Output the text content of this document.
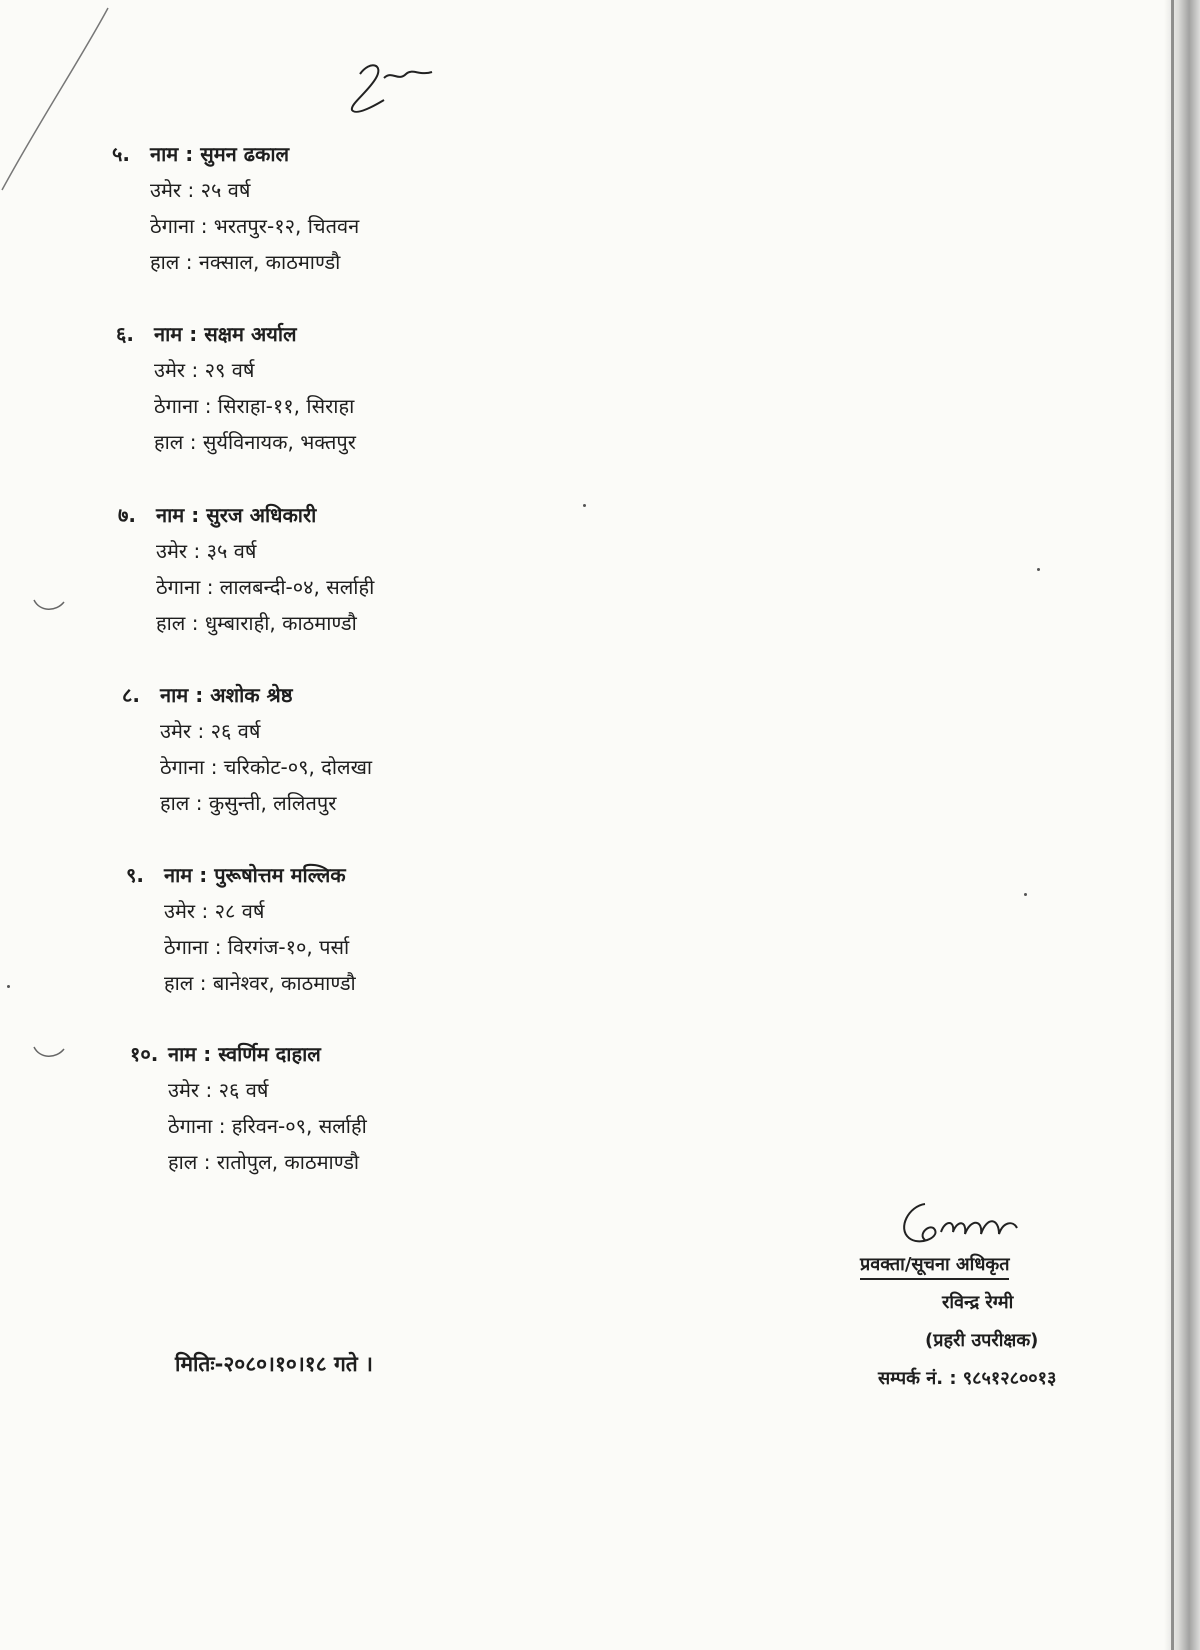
५.	नाम : सुमन ढकाल
उमेर : २५ वर्ष
ठेगाना : भरतपुर-१२, चितवन
हाल : नक्साल, काठमाण्डौ
६.	नाम : सक्षम अर्याल
उमेर : २९ वर्ष
ठेगाना : सिराहा-११, सिराहा
हाल : सुर्यविनायक, भक्तपुर
७.	नाम : सुरज अधिकारी
उमेर : ३५ वर्ष
ठेगाना : लालबन्दी-०४, सर्लाही
हाल : धुम्बाराही, काठमाण्डौ
८.	नाम : अशोक श्रेष्ठ
उमेर : २६ वर्ष
ठेगाना : चरिकोट-०९, दोलखा
हाल : कुसुन्ती, ललितपुर
९.	नाम : पुरूषोत्तम मल्लिक
उमेर : २८ वर्ष
ठेगाना : विरगंज-१०, पर्सा
हाल : बानेश्वर, काठमाण्डौ
१०. नाम : स्वर्णिम दाहाल
उमेर : २६ वर्ष
ठेगाना : हरिवन-०९, सर्लाही
हाल : रातोपुल, काठमाण्डौ
प्रवक्ता/सूचना अधिकृत
रविन्द्र रेग्मी
(प्रहरी उपरीक्षक)
सम्पर्क नं. : ९८५१२८००१३
मितिः-२०८०।१०।१८ गते ।
